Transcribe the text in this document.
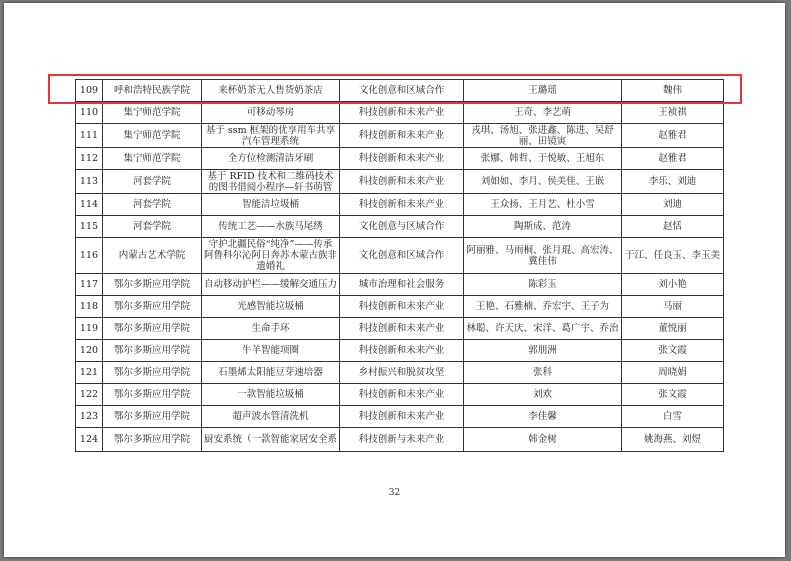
109	呼和浩特民族学院	来杯奶茶无人售货奶茶店	文化创意和区域合作	王璐瑶	魏伟
110	集宁师范学院	可移动琴房	科技创新和未来产业	王奇、李艺萌	王祯祺
111	集宁师范学院	基于 ssm 框架的优享用车共享汽车管理系统	科技创新和未来产业	戎琪、汤旭、张进鑫、陈进、吴舒丽、田镜寅	赵雅君
112	集宁师范学院	全方位检测清洁牙刷	科技创新和未来产业	张娜、韩哲、于悦敏、王旭东	赵雅君
113	河套学院	基于 RFID 技术和二维码技术的图书借阅小程序—轩书萌管	科技创新和未来产业	刘如如、李月、侯美佳、王嵌	李乐、刘迪
114	河套学院	智能洁垃圾桶	科技创新和未来产业	王众扬、王月艺、杜小雪	刘迪
115	河套学院	传统工艺——水族马尾绣	文化创意与区域合作	陶斯成、范涛	赵恬
116	内蒙古艺术学院	守护北疆民俗“纯净”——传承阿鲁科尔沁阿日奔苏木蒙古族非遗婚礼	文化创意和区域合作	阿丽雅、马雨桐、张月琨、高宏涛、冀佳伟	于江、任良玉、李玉美
117	鄂尔多斯应用学院	自动移动护栏——缓解交通压力	城市治理和社会服务	陈彩玉	刘小艳
118	鄂尔多斯应用学院	光感智能垃圾桶	科技创新和未来产业	王艳、石雅楠、乔宏宇、王子为	马丽
119	鄂尔多斯应用学院	生命手环	科技创新和未来产业	林聪、许天庆、宋洋、葛广宇、乔治	董悦丽
120	鄂尔多斯应用学院	牛羊智能项圈	科技创新和未来产业	郭朋洲	张文霞
121	鄂尔多斯应用学院	石墨烯太阳能豆芽速培器	乡村振兴和脱贫攻坚	张科	周晓娟
122	鄂尔多斯应用学院	一款智能垃圾桶	科技创新和未来产业	刘欢	张文霞
123	鄂尔多斯应用学院	超声波水管清洗机	科技创新和未来产业	李佳馨	白雪
124	鄂尔多斯应用学院	厨安系统（一款智能家居安全系	科技创新与未来产业	韩金树	姚海燕、刘煜
32
